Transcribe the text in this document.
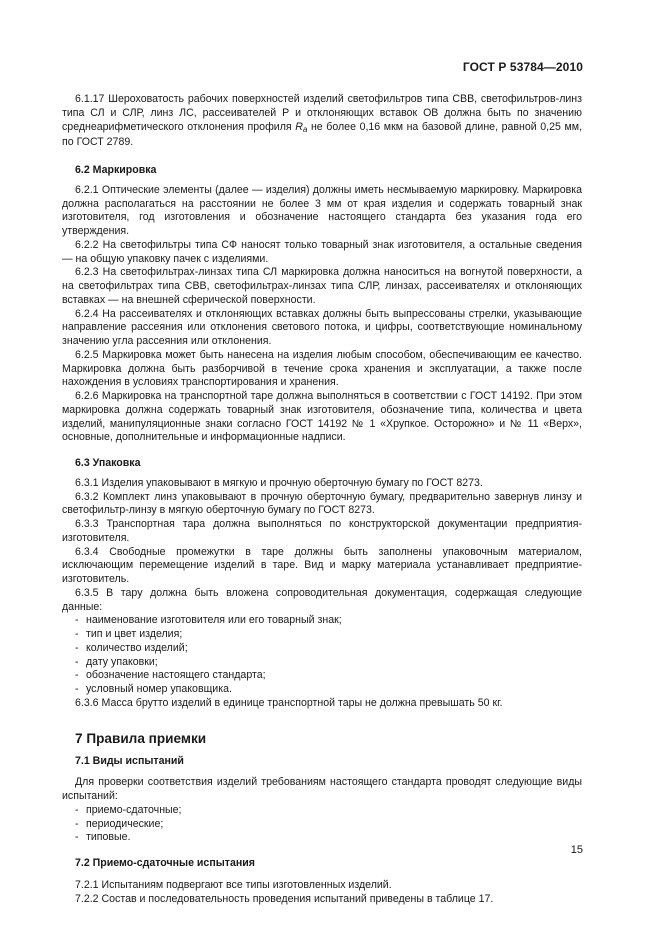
ГОСТ Р 53784—2010

6.1.17 Шероховатость рабочих поверхностей изделий светофильтров типа СВВ, светофильтров-линз типа СЛ и СЛР, линз ЛС, рассеивателей Р и отклоняющих вставок ОВ должна быть по значению среднеарифметического отклонения профиля $R_a$ не более 0,16 мкм на базовой длине, равной 0,25 мм, по ГОСТ 2789.

6.2 Маркировка

6.2.1 Оптические элементы (далее — изделия) должны иметь несмываемую маркировку. Маркировка должна располагаться на расстоянии не более 3 мм от края изделия и содержать товарный знак изготовителя, год изготовления и обозначение настоящего стандарта без указания года его утверждения.

6.2.2 На светофильтры типа СФ наносят только товарный знак изготовителя, а остальные сведения — на общую упаковку пачек с изделиями.

6.2.3 На светофильтрах-линзах типа СЛ маркировка должна наноситься на вогнутой поверхности, а на светофильтрах типа СВВ, светофильтрах-линзах типа СЛР, линзах, рассеивателях и отклоняющих вставках — на внешней сферической поверхности.

6.2.4 На рассеивателях и отклоняющих вставках должны быть выпрессованы стрелки, указывающие направление рассеяния или отклонения светового потока, и цифры, соответствующие номинальному значению угла рассеяния или отклонения.

6.2.5 Маркировка может быть нанесена на изделия любым способом, обеспечивающим ее качество. Маркировка должна быть разборчивой в течение срока хранения и эксплуатации, а также после нахождения в условиях транспортирования и хранения.

6.2.6 Маркировка на транспортной таре должна выполняться в соответствии с ГОСТ 14192. При этом маркировка должна содержать товарный знак изготовителя, обозначение типа, количества и цвета изделий, манипуляционные знаки согласно ГОСТ 14192 № 1 «Хрупкое. Осторожно» и № 11 «Верх», основные, дополнительные и информационные надписи.

6.3 Упаковка

6.3.1 Изделия упаковывают в мягкую и прочную оберточную бумагу по ГОСТ 8273.

6.3.2 Комплект линз упаковывают в прочную оберточную бумагу, предварительно завернув линзу и светофильтр-линзу в мягкую оберточную бумагу по ГОСТ 8273.

6.3.3 Транспортная тара должна выполняться по конструкторской документации предприятия-изготовителя.

6.3.4 Свободные промежутки в таре должны быть заполнены упаковочным материалом, исключающим перемещение изделий в таре. Вид и марку материала устанавливает предприятие-изготовитель.

6.3.5 В тару должна быть вложена сопроводительная документация, содержащая следующие данные:

- наименование изготовителя или его товарный знак;

- тип и цвет изделия;

- количество изделий;

- дату упаковки;

- обозначение настоящего стандарта;

- условный номер упаковщика.

6.3.6 Масса брутто изделий в единице транспортной тары не должна превышать 50 кг.

7 Правила приемки

7.1 Виды испытаний

Для проверки соответствия изделий требованиям настоящего стандарта проводят следующие виды испытаний:

- приемо-сдаточные;

- периодические;

- типовые.

7.2 Приемо-сдаточные испытания

7.2.1 Испытаниям подвергают все типы изготовленных изделий.

7.2.2 Состав и последовательность проведения испытаний приведены в таблице 17.

15
